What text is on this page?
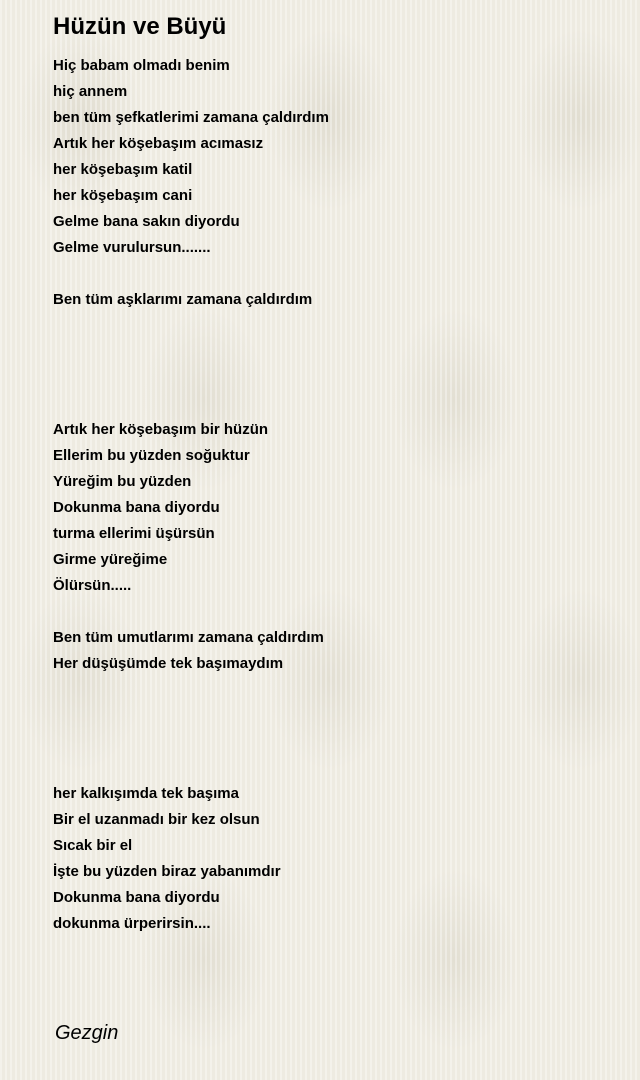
Hüzün ve Büyü
Hiç babam olmadı benim
hiç annem
ben tüm şefkatlerimi zamana çaldırdım
Artık her köşebaşım acımasız
her köşebaşım katil
her köşebaşım cani
Gelme bana sakın diyordu
Gelme vurulursun.......
Ben tüm aşklarımı zamana çaldırdım
Artık her köşebaşım bir hüzün
Ellerim bu yüzden soğuktur
Yüreğim bu yüzden
Dokunma bana diyordu
turma ellerimi üşürsün
Girme yüreğime
Ölürsün.....
Ben tüm umutlarımı zamana çaldırdım
Her düşüşümde tek başımaydım
her kalkışımda tek başıma
Bir el uzanmadı bir kez olsun
Sıcak bir el
İşte bu yüzden biraz yabanımdır
Dokunma bana diyordu
dokunma ürperirsin....
Gezgin
